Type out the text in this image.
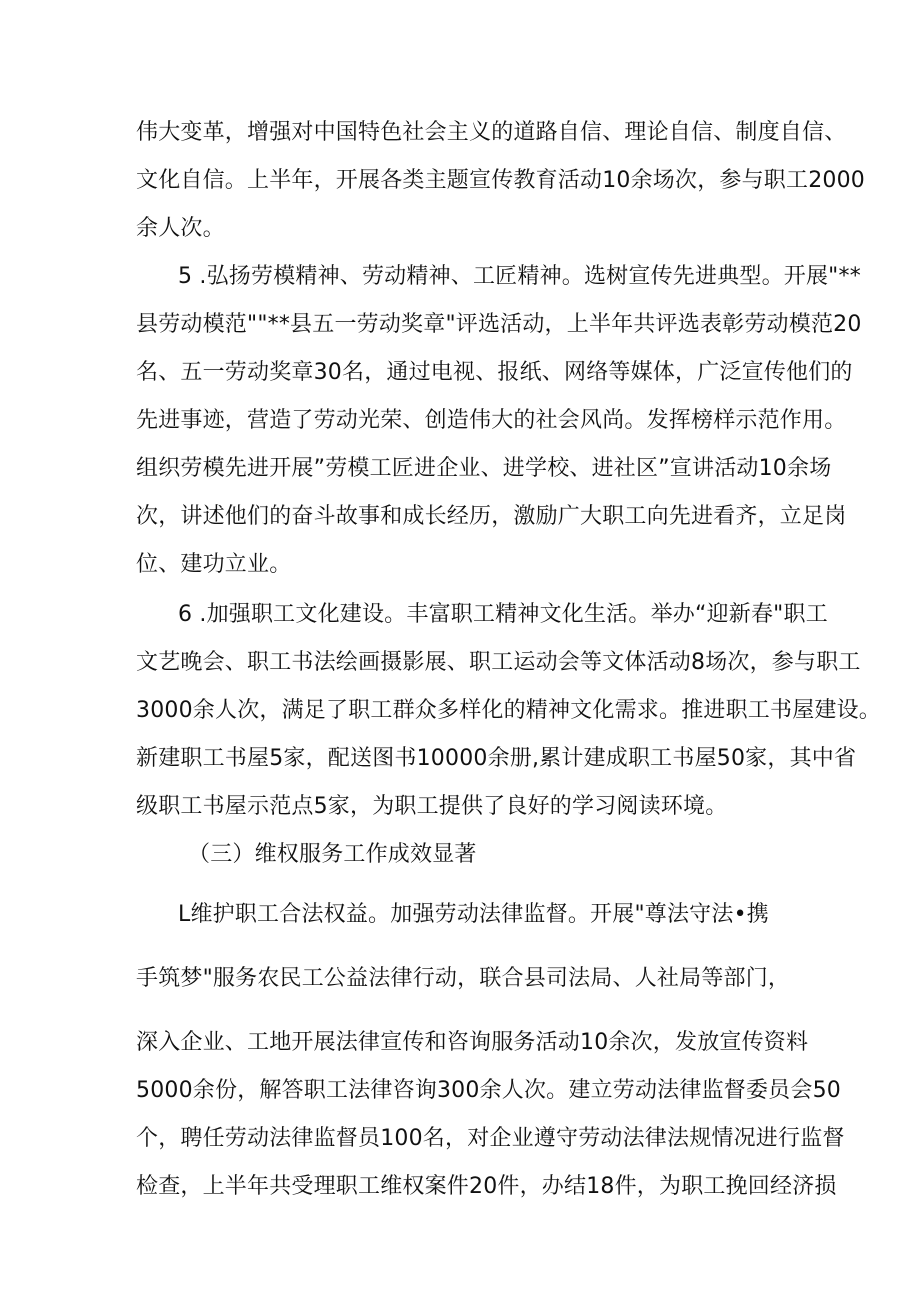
伟大变革，增强对中国特色社会主义的道路自信、理论自信、制度自信、
文化自信。上半年，开展各类主题宣传教育活动10余场次，参与职工2000
余人次。
5 .弘扬劳模精神、劳动精神、工匠精神。选树宣传先进典型。开展"**
县劳动模范""**县五一劳动奖章"评选活动，上半年共评选表彰劳动模范20
名、五一劳动奖章30名，通过电视、报纸、网络等媒体，广泛宣传他们的
先进事迹，营造了劳动光荣、创造伟大的社会风尚。发挥榜样示范作用。
组织劳模先进开展”劳模工匠进企业、进学校、进社区”宣讲活动10余场
次，讲述他们的奋斗故事和成长经历，激励广大职工向先进看齐，立足岗
位、建功立业。
6 .加强职工文化建设。丰富职工精神文化生活。举办“迎新春"职工
文艺晚会、职工书法绘画摄影展、职工运动会等文体活动8场次，参与职工
3000余人次，满足了职工群众多样化的精神文化需求。推进职工书屋建设。
新建职工书屋5家，配送图书10000余册,累计建成职工书屋50家，其中省
级职工书屋示范点5家，为职工提供了良好的学习阅读环境。
（三）维权服务工作成效显著
L维护职工合法权益。加强劳动法律监督。开展"尊法守法•携
手筑梦"服务农民工公益法律行动，联合县司法局、人社局等部门，
深入企业、工地开展法律宣传和咨询服务活动10余次，发放宣传资料
5000余份，解答职工法律咨询300余人次。建立劳动法律监督委员会50
个，聘任劳动法律监督员100名，对企业遵守劳动法律法规情况进行监督
检查，上半年共受理职工维权案件20件，办结18件，为职工挽回经济损
